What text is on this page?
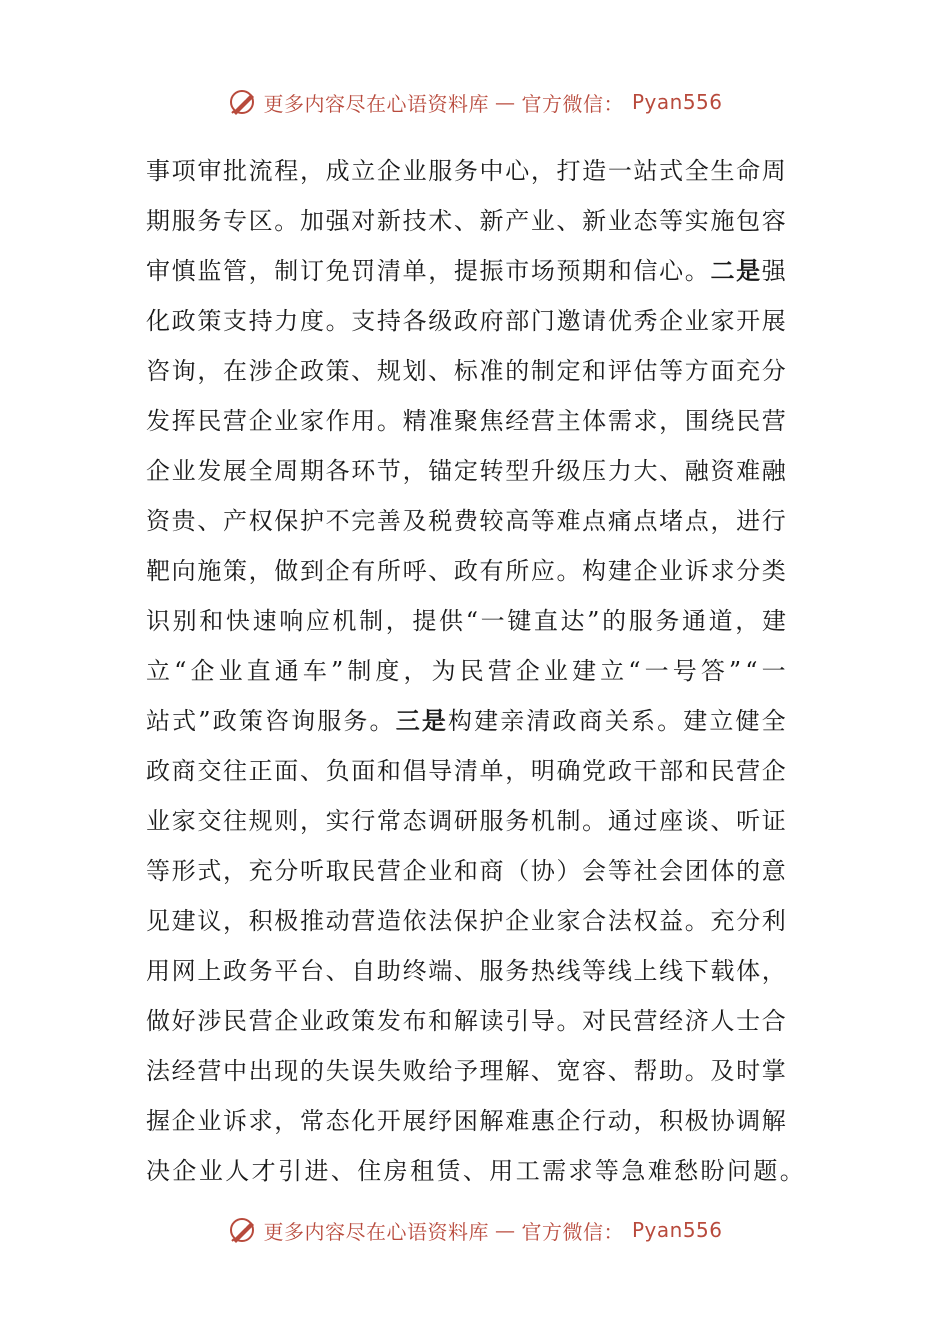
更多内容尽在心语资料库 — 官方微信： Pyan556
事 项 审 批 流 程 ， 成 立 企 业 服 务 中 心 ， 打 造 一 站 式 全 生 命 周
期 服 务 专 区 。 加 强 对 新 技 术 、 新 产 业 、 新 业 态 等 实 施 包 容
审 慎 监 管 ， 制 订 免 罚 清 单 ， 提 振 市 场 预 期 和 信 心 。 二 是 强
化 政 策 支 持 力 度 。 支 持 各 级 政 府 部 门 邀 请 优 秀 企 业 家 开 展
咨 询 ， 在 涉 企 政 策 、 规 划 、 标 准 的 制 定 和 评 估 等 方 面 充 分
发 挥 民 营 企 业 家 作 用 。 精 准 聚 焦 经 营 主 体 需 求 ， 围 绕 民 营
企 业 发 展 全 周 期 各 环 节 ， 锚 定 转 型 升 级 压 力 大 、 融 资 难 融
资 贵 、 产 权 保 护 不 完 善 及 税 费 较 高 等 难 点 痛 点 堵 点 ， 进 行
靶 向 施 策 ， 做 到 企 有 所 呼 、 政 有 所 应 。 构 建 企 业 诉 求 分 类
识 别 和 快 速 响 应 机 制 ， 提 供 “ 一 键 直 达 ” 的 服 务 通 道 ， 建
立 “ 企 业 直 通 车 ” 制 度 ， 为 民 营 企 业 建 立 “ 一 号 答 ” “ 一
站 式 ” 政 策 咨 询 服 务 。 三 是 构 建 亲 清 政 商 关 系 。 建 立 健 全
政 商 交 往 正 面 、 负 面 和 倡 导 清 单 ， 明 确 党 政 干 部 和 民 营 企
业 家 交 往 规 则 ， 实 行 常 态 调 研 服 务 机 制 。 通 过 座 谈 、 听 证
等 形 式 ， 充 分 听 取 民 营 企 业 和 商 （ 协 ） 会 等 社 会 团 体 的 意
见 建 议 ， 积 极 推 动 营 造 依 法 保 护 企 业 家 合 法 权 益 。 充 分 利
用 网 上 政 务 平 台 、 自 助 终 端 、 服 务 热 线 等 线 上 线 下 载 体 ，
做 好 涉 民 营 企 业 政 策 发 布 和 解 读 引 导 。 对 民 营 经 济 人 士 合
法 经 营 中 出 现 的 失 误 失 败 给 予 理 解 、 宽 容 、 帮 助 。 及 时 掌
握 企 业 诉 求 ， 常 态 化 开 展 纾 困 解 难 惠 企 行 动 ， 积 极 协 调 解
决 企 业 人 才 引 进 、 住 房 租 赁 、 用 工 需 求 等 急 难 愁 盼 问 题 。
更多内容尽在心语资料库 — 官方微信： Pyan556
